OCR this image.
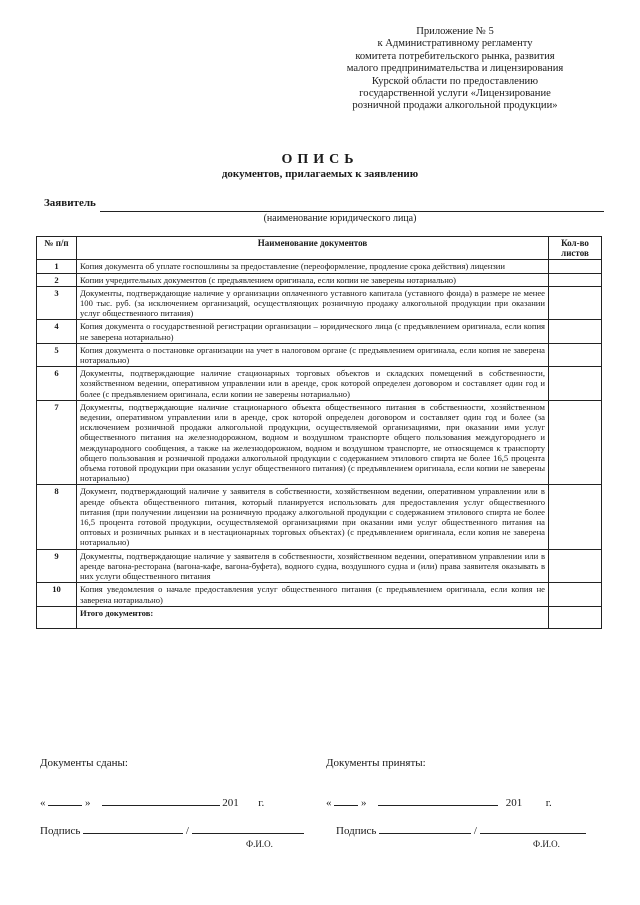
Приложение № 5
к Административному регламенту
комитета потребительского рынка, развития
малого предпринимательства и лицензирования
Курской области по предоставлению
государственной услуги «Лицензирование
розничной продажи алкогольной продукции»
ОПИСЬ
документов, прилагаемых к заявлению
Заявитель
(наименование юридического лица)
№ п/п	Наименование документов	Кол-во листов
1	Копия документа об уплате госпошлины за предоставление (переоформление, продление срока действия) лицензии	
2	Копии учредительных документов (с предъявлением оригинала, если копии не заверены нотариально)	
3	Документы, подтверждающие наличие у организации оплаченного уставного капитала (уставного фонда) в размере не менее 100 тыс. руб. (за исключением организаций, осуществляющих розничную продажу алкогольной продукции при оказании услуг общественного питания)	
4	Копия документа о государственной регистрации организации – юридического лица (с предъявлением оригинала, если копия не заверена нотариально)	
5	Копия документа о постановке организации на учет в налоговом органе (с предъявлением оригинала, если копия не заверена нотариально)	
6	Документы, подтверждающие наличие стационарных торговых объектов и складских помещений в собственности, хозяйственном ведении, оперативном управлении или в аренде, срок которой определен договором и составляет один год и более (с предъявлением оригинала, если копии не заверены нотариально)	
7	Документы, подтверждающие наличие стационарного объекта общественного питания в собственности, хозяйственном ведении, оперативном управлении или в аренде, срок которой определен договором и составляет один год и более (за исключением розничной продажи алкогольной продукции, осуществляемой организациями, при оказании ими услуг общественного питания на железнодорожном, водном и воздушном транспорте общего пользования междугороднего и международного сообщения, а также на железнодорожном, водном и воздушном транспорте, не относящемся к транспорту общего пользования и розничной продажи алкогольной продукции с содержанием этилового спирта не более 16,5 процента объема готовой продукции при оказании услуг общественного питания) (с предъявлением оригинала, если копии не заверены нотариально)	
8	Документ, подтверждающий наличие у заявителя в собственности, хозяйственном ведении, оперативном управлении или в аренде объекта общественного питания, который планируется использовать для предоставления услуг общественного питания (при получении лицензии на розничную продажу алкогольной продукции с содержанием этилового спирта не более 16,5 процента готовой продукции, осуществляемой организациями при оказании ими услуг общественного питания на оптовых и розничных рынках и в нестационарных торговых объектах) (с предъявлением оригинала, если копия не заверена нотариально)	
9	Документы, подтверждающие наличие у заявителя в собственности, хозяйственном ведении, оперативном управлении или в аренде вагона-ресторана (вагона-кафе, вагона-буфета), водного судна, воздушного судна и (или) права заявителя оказывать в них услуги общественного питания	
10	Копия уведомления о начале предоставления услуг общественного питания (с предъявлением оригинала, если копия не заверена нотариально)	
	Итого документов:	
Документы сданы:	Документы приняты:
«	»	201 г.	«	»	201 г.
Подпись	/
Ф.И.О.
Подпись	/
Ф.И.О.
